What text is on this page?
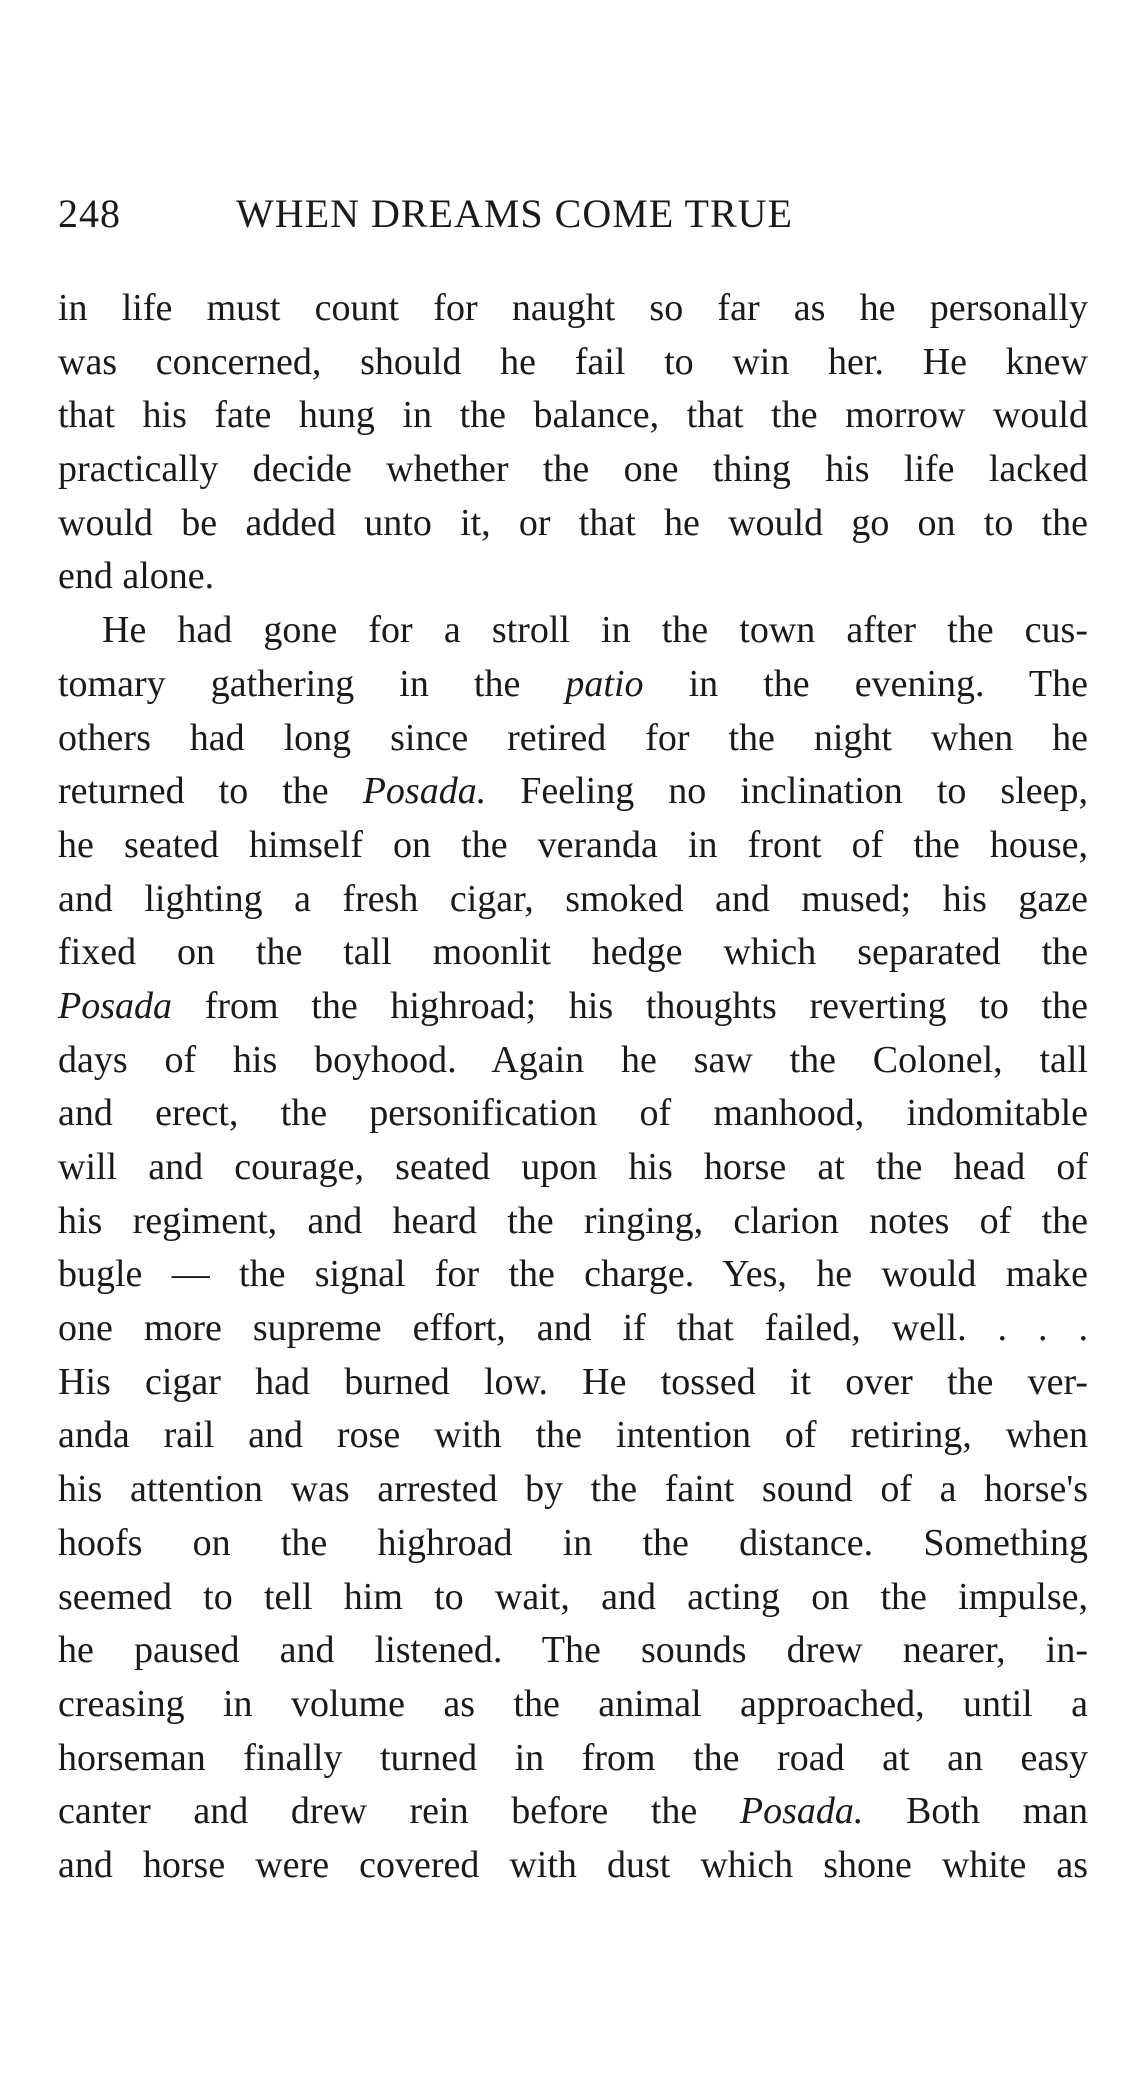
248	WHEN DREAMS COME TRUE
in life must count for naught so far as he personally
was concerned, should he fail to win her. He knew
that his fate hung in the balance, that the morrow would
practically decide whether the one thing his life lacked
would be added unto it, or that he would go on to the
end alone.
He had gone for a stroll in the town after the cus-
tomary gathering in the patio in the evening. The
others had long since retired for the night when he
returned to the Posada. Feeling no inclination to sleep,
he seated himself on the veranda in front of the house,
and lighting a fresh cigar, smoked and mused; his gaze
fixed on the tall moonlit hedge which separated the
Posada from the highroad; his thoughts reverting to the
days of his boyhood. Again he saw the Colonel, tall
and erect, the personification of manhood, indomitable
will and courage, seated upon his horse at the head of
his regiment, and heard the ringing, clarion notes of the
bugle — the signal for the charge. Yes, he would make
one more supreme effort, and if that failed, well. . . .
His cigar had burned low. He tossed it over the ver-
anda rail and rose with the intention of retiring, when
his attention was arrested by the faint sound of a horse's
hoofs on the highroad in the distance. Something
seemed to tell him to wait, and acting on the impulse,
he paused and listened. The sounds drew nearer, in-
creasing in volume as the animal approached, until a
horseman finally turned in from the road at an easy
canter and drew rein before the Posada. Both man
and horse were covered with dust which shone white as
